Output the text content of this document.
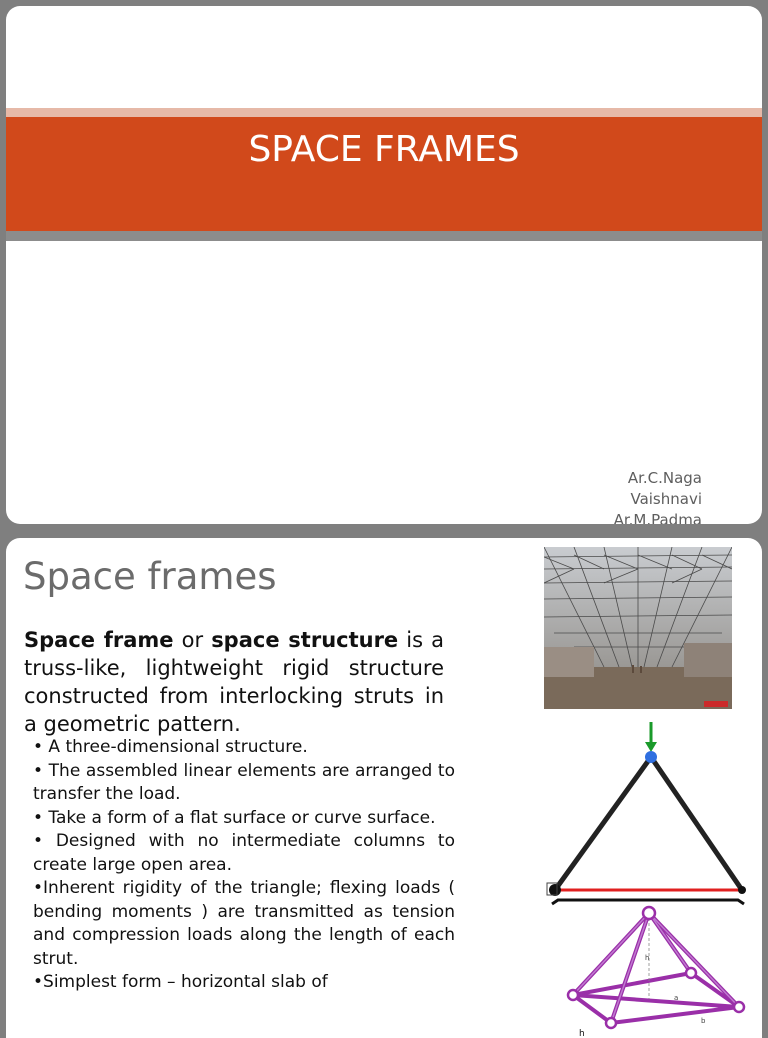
SPACE FRAMES
Ar.C.Naga
Vaishnavi
Ar.M.Padma
Space frames
Space frame or space structure is a truss-like, lightweight rigid structure constructed from interlocking struts in a geometric pattern.
• A three-dimensional structure.
• The assembled linear elements are arranged to transfer the load.
• Take a form of a flat surface or curve surface.
• Designed with no intermediate columns to create large open area.
•Inherent rigidity of the triangle; flexing loads ( bending moments ) are transmitted as tension and compression loads along the length of each strut.
•Simplest form – horizontal slab of
h
a
b
h
